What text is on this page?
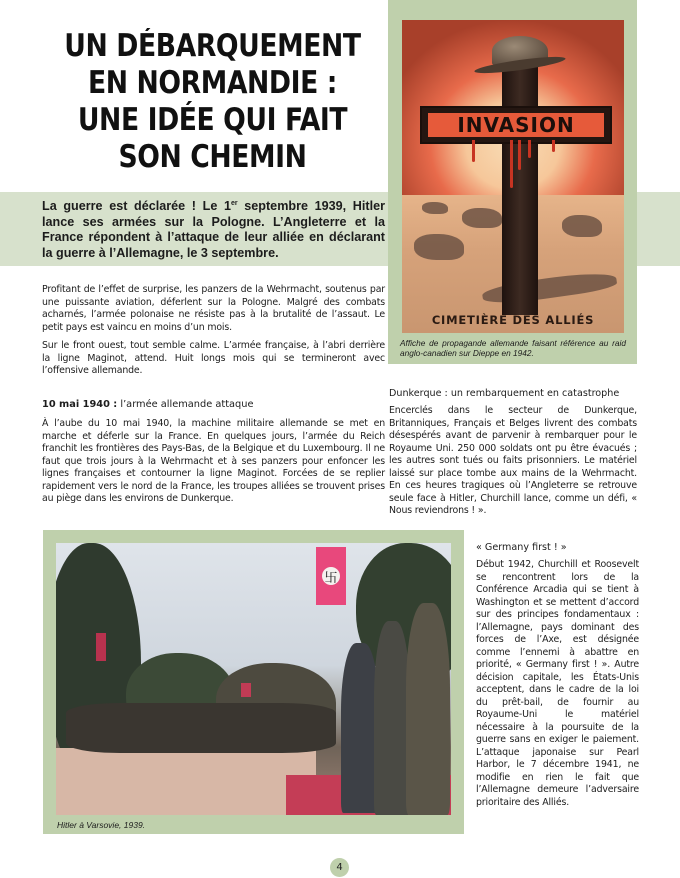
UN DÉBARQUEMENT
EN NORMANDIE :
UNE IDÉE QUI FAIT
SON CHEMIN
La guerre est déclarée ! Le 1er septembre 1939, Hitler lance ses armées sur la Pologne. L’Angleterre et la France répondent à l’attaque de leur alliée en déclarant la guerre à l’Allemagne, le 3 septembre.
INVASION
CIMETIÈRE DES ALLIÉS
Affiche de propagande allemande faisant référence au raid anglo-canadien sur Dieppe en 1942.

Profitant de l’effet de surprise, les panzers de la Wehrmacht, soutenus par une puissante aviation, déferlent sur la Pologne. Malgré des combats acharnés, l’armée polonaise ne résiste pas à la brutalité de l’assaut. Le petit pays est vaincu en moins d’un mois.

Sur le front ouest, tout semble calme. L’armée française, à l’abri derrière la ligne Maginot, attend. Huit longs mois qui se termineront avec l’offensive allemande.

10 mai 1940 : l’armée allemande attaque

À l’aube du 10 mai 1940, la machine militaire allemande se met en marche et déferle sur la France. En quelques jours, l’armée du Reich franchit les frontières des Pays-Bas, de la Belgique et du Luxembourg. Il ne faut que trois jours à la Wehrmacht et à ses panzers pour enfoncer les lignes françaises et contourner la ligne Maginot. Forcées de se replier rapidement vers le nord de la France, les troupes alliées se trouvent prises au piège dans les environs de Dunkerque.

Dunkerque : un rembarquement en catastrophe

Encerclés dans le secteur de Dunkerque, Britanniques, Français et Belges livrent des combats désespérés avant de parvenir à rembarquer pour le Royaume Uni. 250 000 soldats ont pu être évacués ; les autres sont tués ou faits prisonniers. Le matériel laissé sur place tombe aux mains de la Wehrmacht. En ces heures tragiques où l’Angleterre se retrouve seule face à Hitler, Churchill lance, comme un défi, « Nous reviendrons ! ».

卐
Hitler à Varsovie, 1939.
« Germany first ! »

Début 1942, Churchill et Roosevelt se rencontrent lors de la Conférence Arcadia qui se tient à Washington et se mettent d’accord sur des principes fondamentaux : l’Allemagne, pays dominant des forces de l’Axe, est désignée comme l’ennemi à abattre en priorité, « Germany first ! ». Autre décision capitale, les États-Unis acceptent, dans le cadre de la loi du prêt-bail, de fournir au Royaume-Uni le matériel nécessaire à la poursuite de la guerre sans en exiger le paiement. L’attaque japonaise sur Pearl Harbor, le 7 décembre 1941, ne modifie en rien le fait que l’Allemagne demeure l’adversaire prioritaire des Alliés.

4
